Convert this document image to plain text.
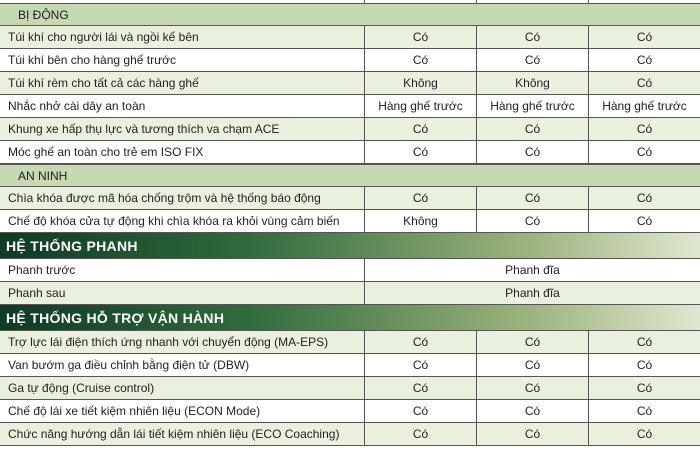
BỊ ĐỘNG
Túi khí cho người lái và ngồi kế bên	Có	Có	Có
Túi khí bên cho hàng ghế trước	Có	Có	Có
Túi khí rèm cho tất cả các hàng ghế	Không	Không	Có
Nhắc nhở cài dây an toàn	Hàng ghế trước	Hàng ghế trước	Hàng ghế trước
Khung xe hấp thụ lực và tương thích va chạm ACE	Có	Có	Có
Móc ghế an toàn cho trẻ em ISO FIX	Có	Có	Có
AN NINH
Chìa khóa được mã hóa chống trộm và hệ thống báo động	Có	Có	Có
Chế độ khóa cửa tự động khi chìa khóa ra khỏi vùng cảm biến	Không	Có	Có
HỆ THỐNG PHANH
Phanh trước	Phanh đĩa
Phanh sau	Phanh đĩa
HỆ THỐNG HỖ TRỢ VẬN HÀNH
Trợ lực lái điện thích ứng nhanh với chuyển động (MA-EPS)	Có	Có	Có
Van bướm ga điều chỉnh bằng điện tử (DBW)	Có	Có	Có
Ga tự động (Cruise control)	Có	Có	Có
Chế độ lái xe tiết kiệm nhiên liệu (ECON Mode)	Có	Có	Có
Chức năng hướng dẫn lái tiết kiệm nhiên liệu (ECO Coaching)	Có	Có	Có
